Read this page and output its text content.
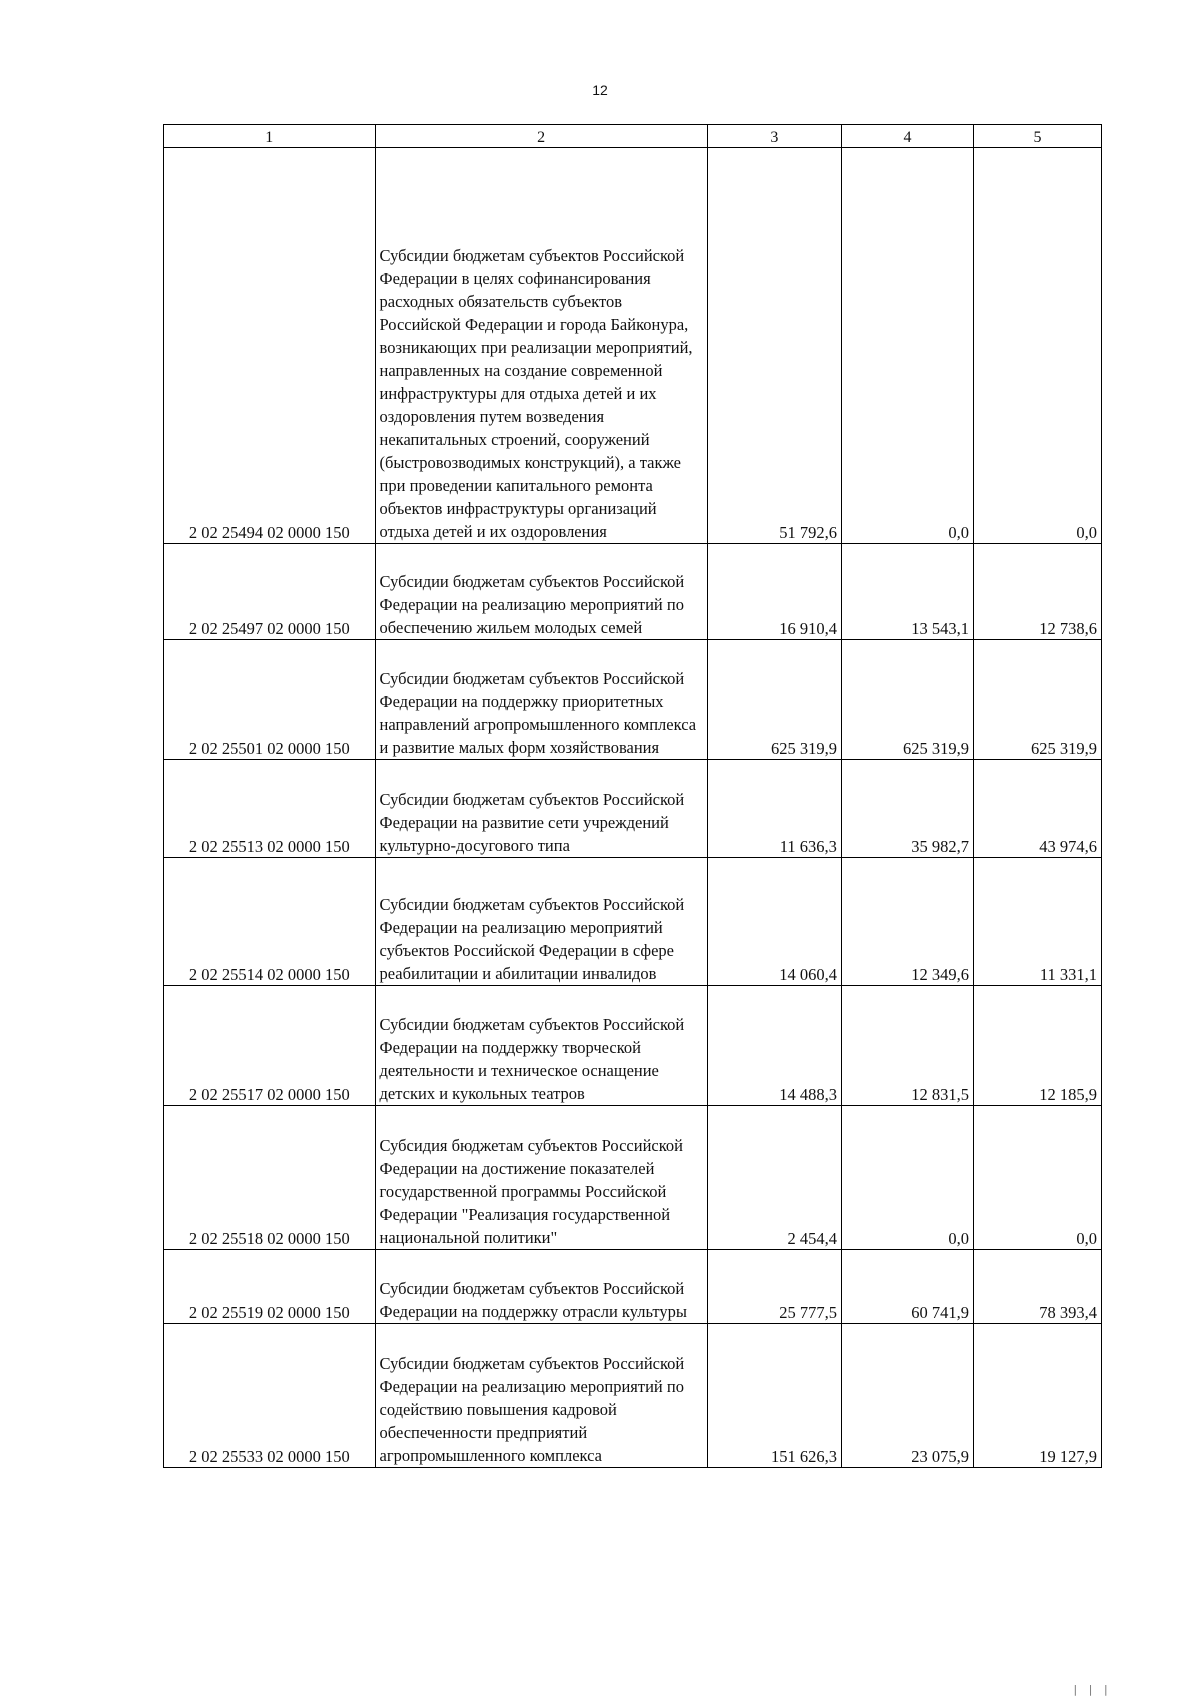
12
1	2	3	4	5
2 02 25494 02 0000 150	Субсидии бюджетам субъектов Российской Федерации в целях софинансирования расходных обязательств субъектов Российской Федерации и города Байконура, возникающих при реализации мероприятий, направленных на создание современной инфраструктуры для отдыха детей и их оздоровления путем возведения некапитальных строений, сооружений (быстровозводимых конструкций), а также при проведении капитального ремонта объектов инфраструктуры организаций отдыха детей и их оздоровления	51 792,6	0,0	0,0
2 02 25497 02 0000 150	Субсидии бюджетам субъектов Российской Федерации на реализацию мероприятий по обеспечению жильем молодых семей	16 910,4	13 543,1	12 738,6
2 02 25501 02 0000 150	Субсидии бюджетам субъектов Российской Федерации на поддержку приоритетных направлений агропромышленного комплекса и развитие малых форм хозяйствования	625 319,9	625 319,9	625 319,9
2 02 25513 02 0000 150	Субсидии бюджетам субъектов Российской Федерации на развитие сети учреждений культурно-досугового типа	11 636,3	35 982,7	43 974,6
2 02 25514 02 0000 150	Субсидии бюджетам субъектов Российской Федерации на реализацию мероприятий субъектов Российской Федерации в сфере реабилитации и абилитации инвалидов	14 060,4	12 349,6	11 331,1
2 02 25517 02 0000 150	Субсидии бюджетам субъектов Российской Федерации на поддержку творческой деятельности и техническое оснащение детских и кукольных театров	14 488,3	12 831,5	12 185,9
2 02 25518 02 0000 150	Субсидия бюджетам субъектов Российской Федерации на достижение показателей государственной программы Российской Федерации "Реализация государственной национальной политики"	2 454,4	0,0	0,0
2 02 25519 02 0000 150	Субсидии бюджетам субъектов Российской Федерации на поддержку отрасли культуры	25 777,5	60 741,9	78 393,4
2 02 25533 02 0000 150	Субсидии бюджетам субъектов Российской Федерации на реализацию мероприятий по содействию повышения кадровой обеспеченности предприятий агропромышленного комплекса	151 626,3	23 075,9	19 127,9
| | |
